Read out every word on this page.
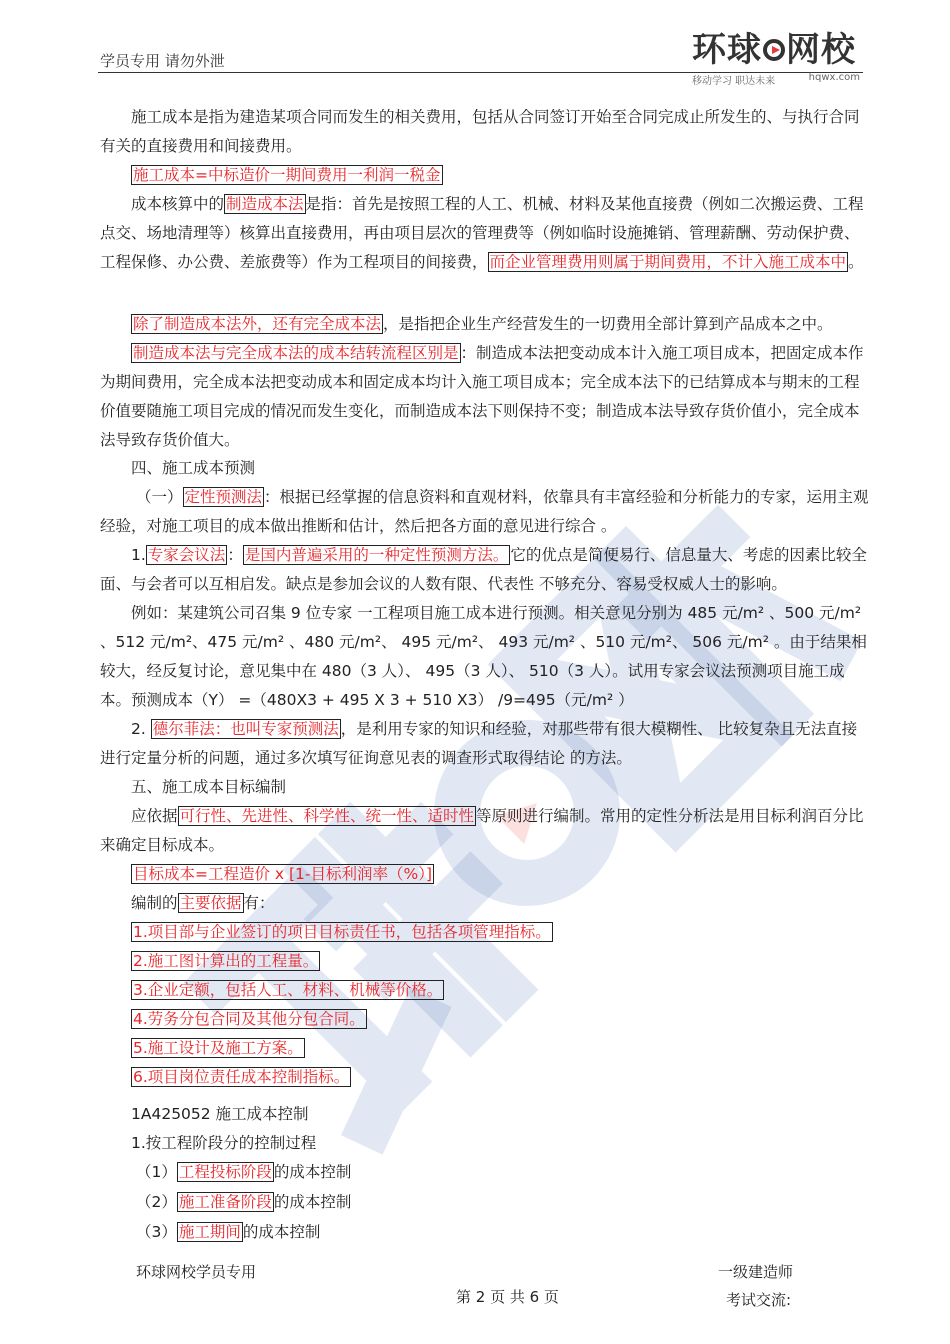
学员专用 请勿外泄	环球 网校
移动学习 职达未来	hqwx.com
施工成本是指为建造某项合同而发生的相关费用，包括从合同签订开始至合同完成止所发生的、与执行合同有关的直接费用和间接费用。
施工成本=中标造价一期间费用一利润一税金
成本核算中的 制造成本法 是指：首先是按照工程的人工、机械、材料及某他直接费（例如二次搬运费、工程点交、场地清理等）核算出直接费用，再由项目层次的管理费等（例如临时设施摊销、管理薪酬、劳动保护费、工程保修、办公费、差旅费等）作为工程项目的间接费， 而企业管理费用则属于期间费用，不计入施工成本中 。
除了制造成本法外，还有完全成本法 ，是指把企业生产经营发生的一切费用全部计算到产品成本之中。
制造成本法与完全成本法的成本结转流程区别是 ：制造成本法把变动成本计入施工项目成本，把固定成本作为期间费用，完全成本法把变动成本和固定成本均计入施工项目成本；完全成本法下的已结算成本与期末的工程价值要随施工项目完成的情况而发生变化，而制造成本法下则保持不变；制造成本法导致存货价值小，完全成本法导致存货价值大。
四、施工成本预测
（一） 定性预测法 ：根据已经掌握的信息资料和直观材料，依靠具有丰富经验和分析能力的专家，运用主观经验，对施工项目的成本做出推断和估计，然后把各方面的意见进行综合 。
1. 专家会议法 ： 是国内普遍采用的一种定性预测方法。 它的优点是简便易行、信息量大、考虑的因素比较全面、与会者可以互相启发。缺点是参加会议的人数有限、代表性 不够充分、容易受权威人士的影响。
例如：某建筑公司召集 9 位专家 一工程项目施工成本进行预测。相关意见分别为 485 元/m² 、500 元/m² 、512 元/m²、475 元/m² 、480 元/m²、 495 元/m²、 493 元/m² 、510 元/m²、 506 元/m² 。由于结果相 较大，经反复讨论，意见集中在 480（3 人）、 495（3 人）、 510（3 人）。试用专家会议法预测项目施工成本。 预测成本（Y） =（480X3 + 495 X 3 + 510 X3） /9=495（元/m² ）
2. 德尔菲法：也叫专家预测法 ，是利用专家的知识和经验，对那些带有很大模糊性、 比较复杂且无法直接进行定量分析的问题，通过多次填写征询意见表的调查形式取得结论 的方法。
五、施工成本目标编制
应依据 可行性、先进性、科学性、统一性、适时性 等原则进行编制。常用的定性分析法是用目标利润百分比来确定目标成本。
目标成本=工程造价 x [1-目标利润率（%）]
编制的 主要依据 有：
1.项目部与企业签订的项目目标责任书，包括各项管理指标。
2.施工图计算出的工程量。
3.企业定额，包括人工、材料、机械等价格。
4.劳务分包合同及其他分包合同。
5.施工设计及施工方案。
6.项目岗位责任成本控制指标。
1A425052 施工成本控制
1.按工程阶段分的控制过程
（1） 工程投标阶段 的成本控制
（2） 施工准备阶段 的成本控制
（3） 施工期间 的成本控制
环球网校学员专用
第 2 页 共 6 页
一级建造师
考试交流:
